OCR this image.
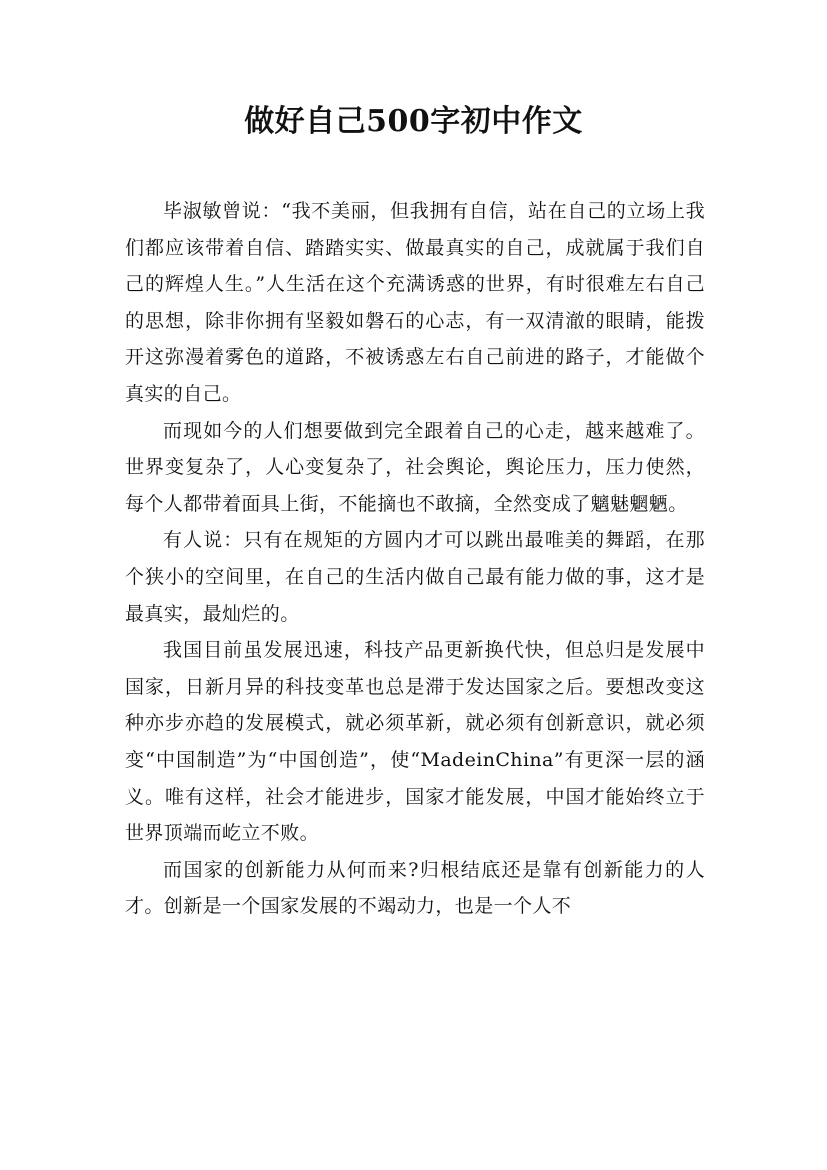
做好自己500字初中作文

毕淑敏曾说：“我不美丽，但我拥有自信，站在自己的立场上我们都应该带着自信、踏踏实实、做最真实的自己，成就属于我们自己的辉煌人生。”人生活在这个充满诱惑的世界，有时很难左右自己的思想，除非你拥有坚毅如磐石的心志，有一双清澈的眼睛，能拨开这弥漫着雾色的道路，不被诱惑左右自己前进的路子，才能做个真实的自己。

而现如今的人们想要做到完全跟着自己的心走，越来越难了。世界变复杂了，人心变复杂了，社会舆论，舆论压力，压力使然，每个人都带着面具上街，不能摘也不敢摘，全然变成了魑魅魍魉。

有人说：只有在规矩的方圆内才可以跳出最唯美的舞蹈，在那个狭小的空间里，在自己的生活内做自己最有能力做的事，这才是最真实，最灿烂的。

我国目前虽发展迅速，科技产品更新换代快，但总归是发展中国家，日新月异的科技变革也总是滞于发达国家之后。要想改变这种亦步亦趋的发展模式，就必须革新，就必须有创新意识，就必须变“中国制造”为“中国创造”，使“MadeinChina”有更深一层的涵义。唯有这样，社会才能进步，国家才能发展，中国才能始终立于世界顶端而屹立不败。

而国家的创新能力从何而来?归根结底还是靠有创新能力的人才。创新是一个国家发展的不竭动力，也是一个人不
